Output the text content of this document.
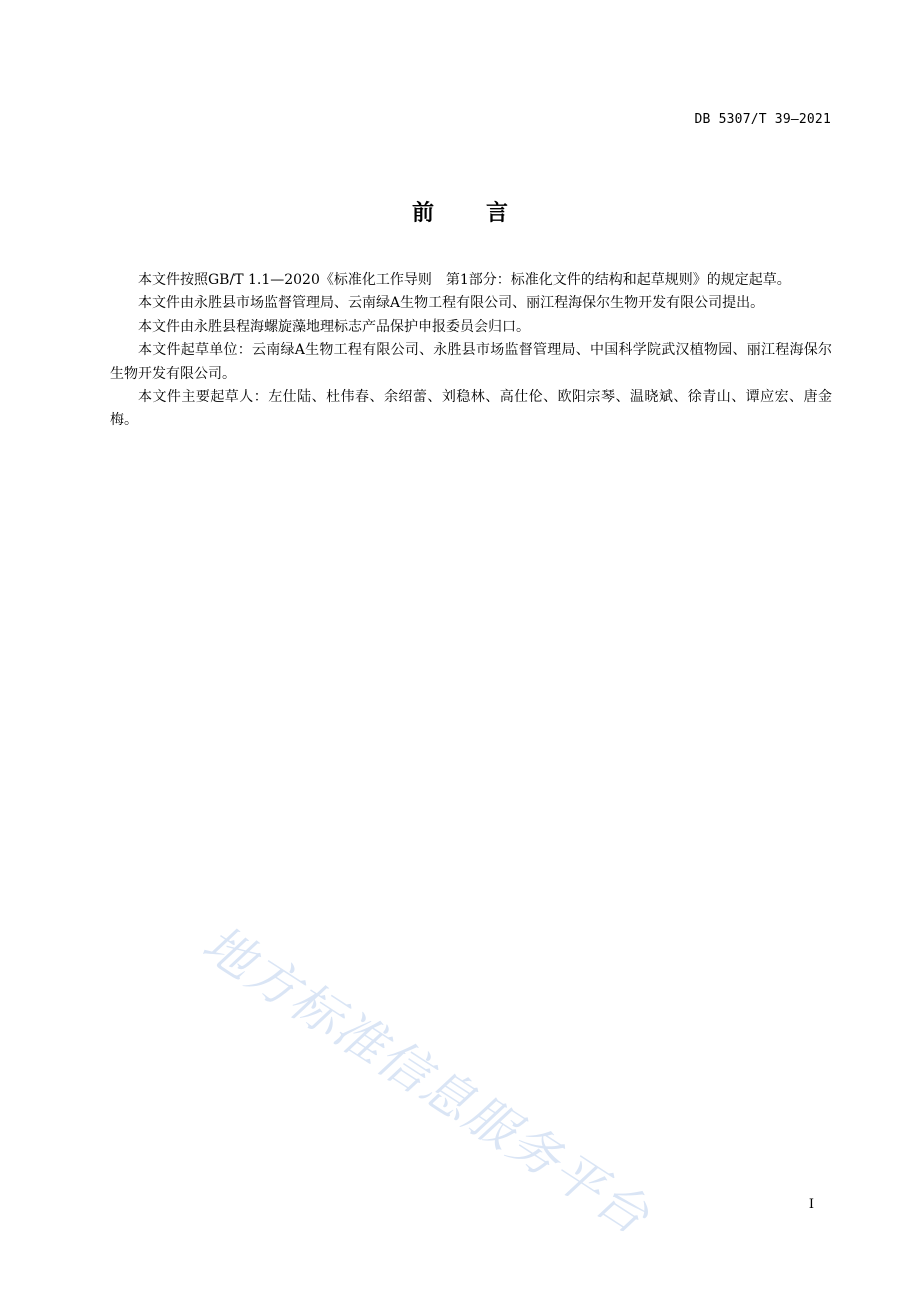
DB 5307/T 39—2021
前言

本文件按照GB/T 1.1—2020《标准化工作导则　第1部分：标准化文件的结构和起草规则》的规定起草。

本文件由永胜县市场监督管理局、云南绿A生物工程有限公司、丽江程海保尔生物开发有限公司提出。

本文件由永胜县程海螺旋藻地理标志产品保护申报委员会归口。

本文件起草单位：云南绿A生物工程有限公司、永胜县市场监督管理局、中国科学院武汉植物园、丽江程海保尔生物开发有限公司。

本文件主要起草人：左仕陆、杜伟春、余绍蕾、刘稳林、高仕伦、欧阳宗琴、温晓斌、徐青山、谭应宏、唐金梅。

地方标准信息服务平台	I
